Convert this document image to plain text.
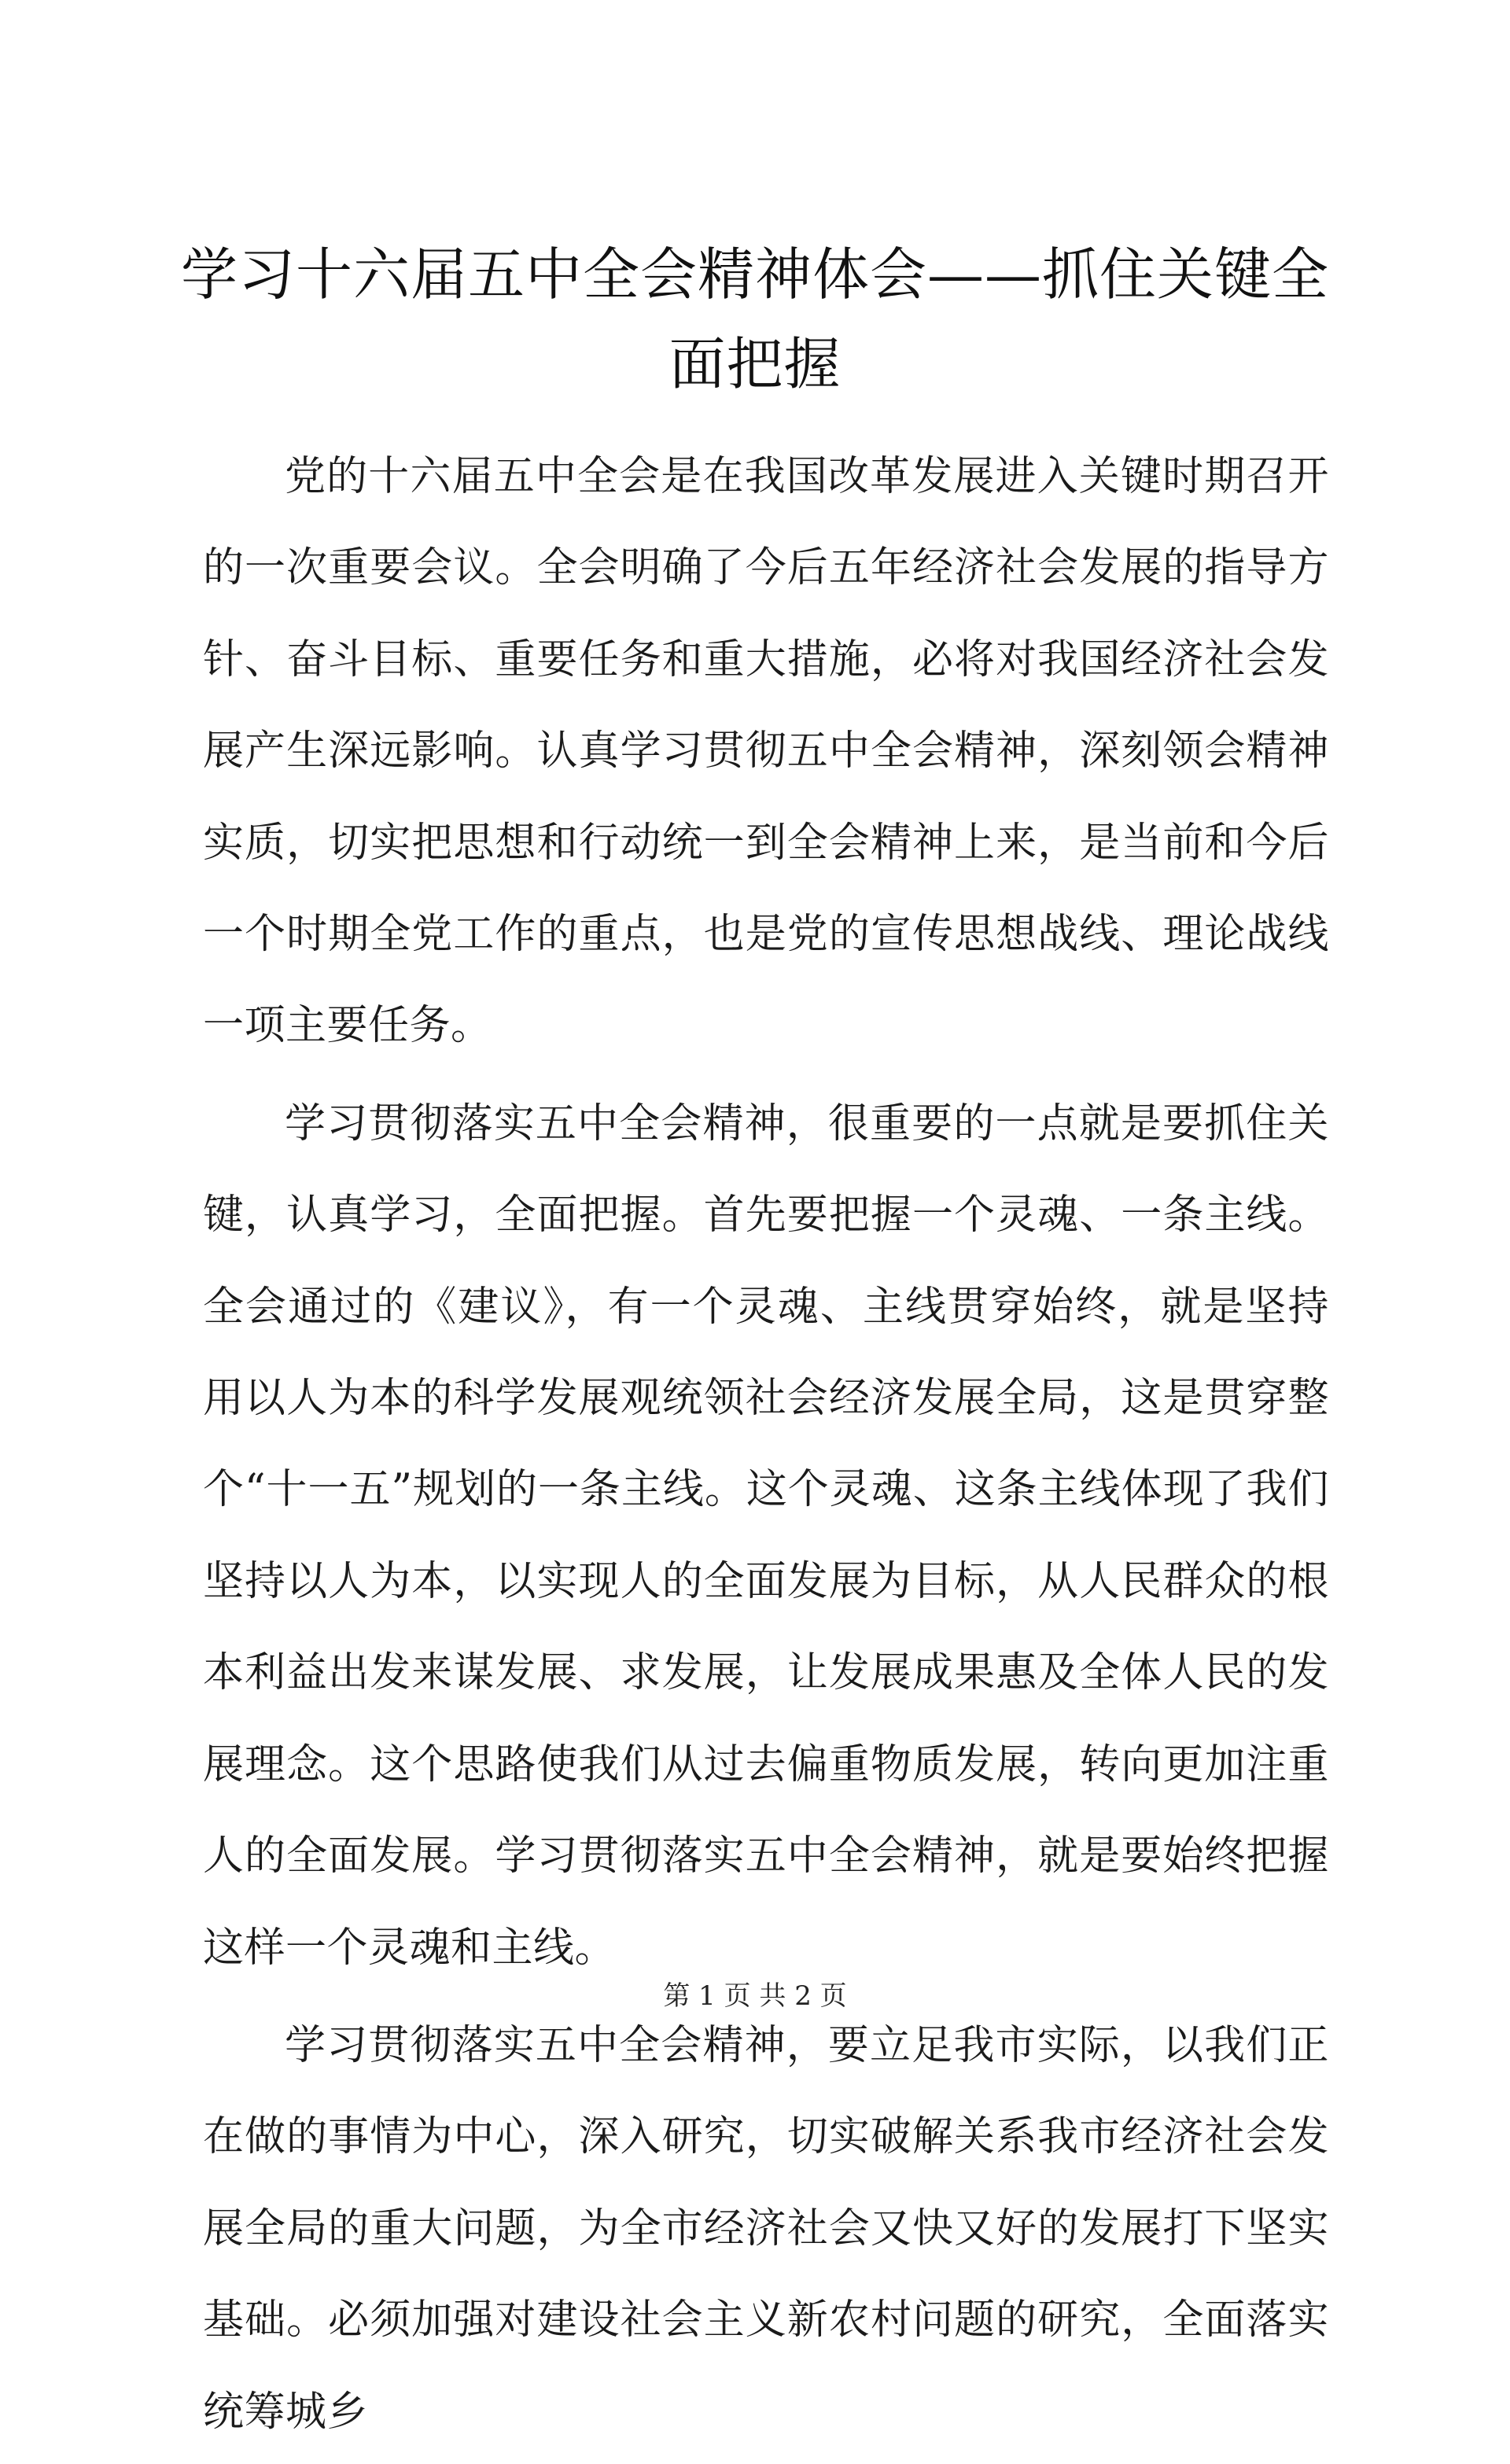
学习十六届五中全会精神体会——抓住关键全面把握

党的十六届五中全会是在我国改革发展进入关键时期召开的一次重要会议。全会明确了今后五年经济社会发展的指导方针、奋斗目标、重要任务和重大措施，必将对我国经济社会发展产生深远影响。认真学习贯彻五中全会精神，深刻领会精神实质，切实把思想和行动统一到全会精神上来，是当前和今后一个时期全党工作的重点，也是党的宣传思想战线、理论战线一项主要任务。

学习贯彻落实五中全会精神，很重要的一点就是要抓住关键，认真学习，全面把握。首先要把握一个灵魂、一条主线。全会通过的《建议》，有一个灵魂、主线贯穿始终，就是坚持用以人为本的科学发展观统领社会经济发展全局，这是贯穿整个“十一五”规划的一条主线。这个灵魂、这条主线体现了我们坚持以人为本，以实现人的全面发展为目标，从人民群众的根本利益出发来谋发展、求发展，让发展成果惠及全体人民的发展理念。这个思路使我们从过去偏重物质发展，转向更加注重人的全面发展。学习贯彻落实五中全会精神，就是要始终把握这样一个灵魂和主线。

学习贯彻落实五中全会精神，要立足我市实际，以我们正在做的事情为中心，深入研究，切实破解关系我市经济社会发展全局的重大问题，为全市经济社会又快又好的发展打下坚实基础。必须加强对建设社会主义新农村问题的研究，全面落实统筹城乡

第 1 页 共 2 页
